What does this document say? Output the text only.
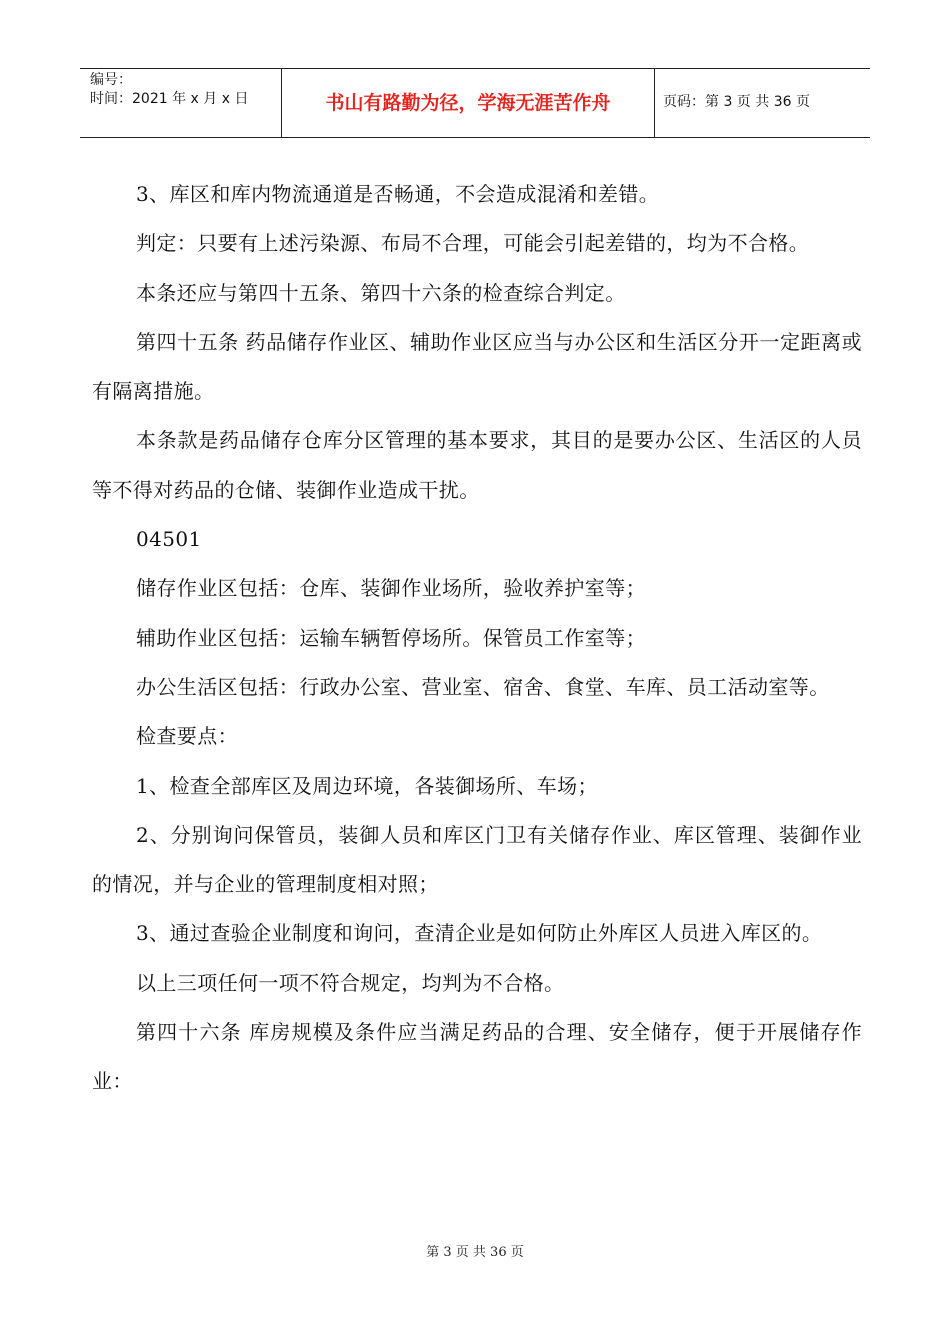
编号：
时间：2021 年 x 月 x 日	书山有路勤为径，学海无涯苦作舟	页码：第 3 页 共 36 页

3、库区和库内物流通道是否畅通，不会造成混淆和差错。

判定：只要有上述污染源、布局不合理，可能会引起差错的，均为不合格。

本条还应与第四十五条、第四十六条的检查综合判定。

第四十五条 药品储存作业区、辅助作业区应当与办公区和生活区分开一定距离或有隔离措施。

本条款是药品储存仓库分区管理的基本要求，其目的是要办公区、生活区的人员等不得对药品的仓储、装御作业造成干扰。

04501

储存作业区包括：仓库、装御作业场所，验收养护室等；

辅助作业区包括：运输车辆暂停场所。保管员工作室等；

办公生活区包括：行政办公室、营业室、宿舍、食堂、车库、员工活动室等。

检查要点：

1、检查全部库区及周边环境，各装御场所、车场；

2、分别询问保管员，装御人员和库区门卫有关储存作业、库区管理、装御作业的情况，并与企业的管理制度相对照；

3、通过查验企业制度和询问，查清企业是如何防止外库区人员进入库区的。

以上三项任何一项不符合规定，均判为不合格。

第四十六条 库房规模及条件应当满足药品的合理、安全储存，便于开展储存作业：

第 3 页 共 36 页
